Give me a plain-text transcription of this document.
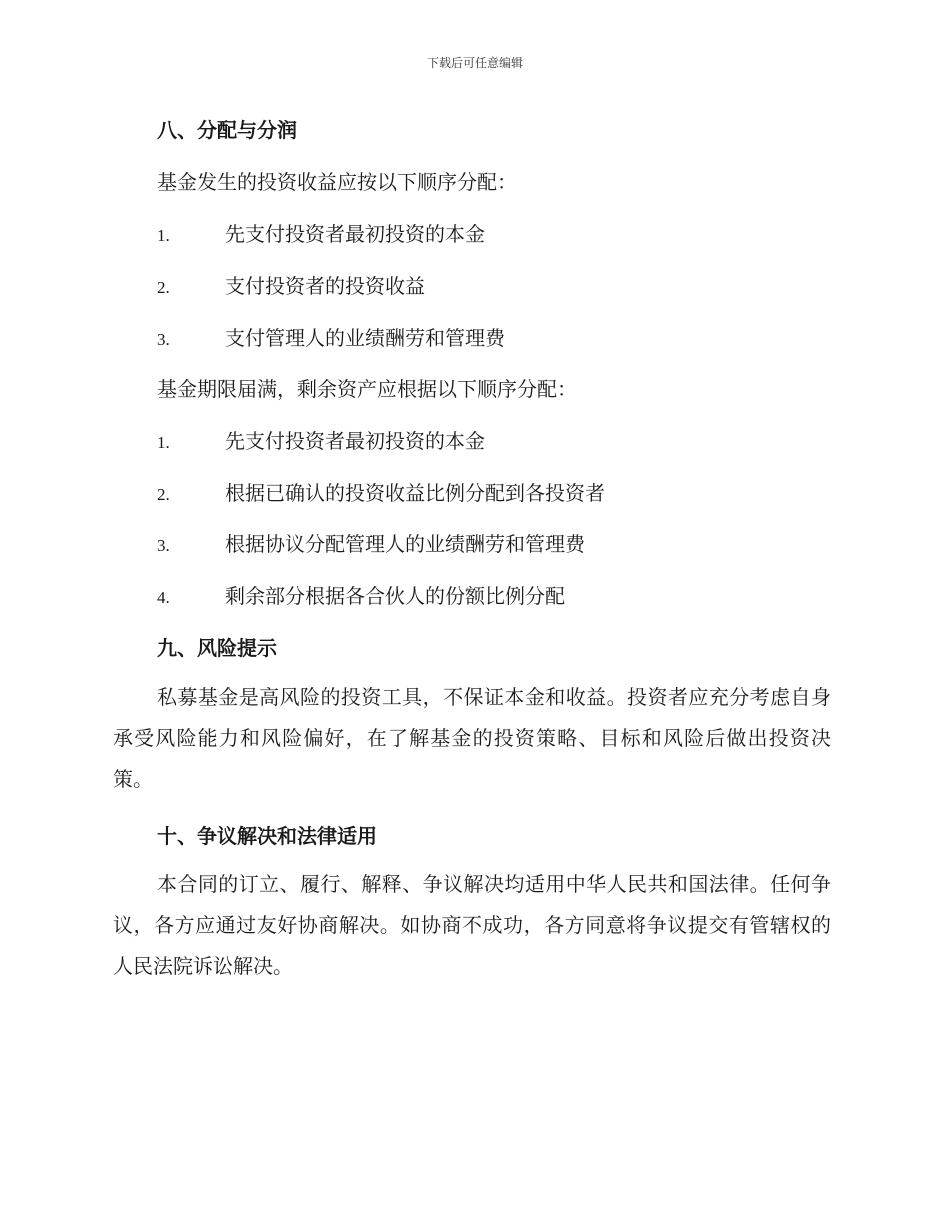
下载后可任意编辑
八、分配与分润
基金发生的投资收益应按以下顺序分配：
1.	先支付投资者最初投资的本金
2.	支付投资者的投资收益
3.	支付管理人的业绩酬劳和管理费
基金期限届满，剩余资产应根据以下顺序分配：
1.	先支付投资者最初投资的本金
2.	根据已确认的投资收益比例分配到各投资者
3.	根据协议分配管理人的业绩酬劳和管理费
4.	剩余部分根据各合伙人的份额比例分配
九、风险提示
私募基金是高风险的投资工具，不保证本金和收益。投资者应充分考虑自身承受风险能力和风险偏好，在了解基金的投资策略、目标和风险后做出投资决策。
十、争议解决和法律适用
本合同的订立、履行、解释、争议解决均适用中华人民共和国法律。任何争议，各方应通过友好协商解决。如协商不成功，各方同意将争议提交有管辖权的人民法院诉讼解决。
